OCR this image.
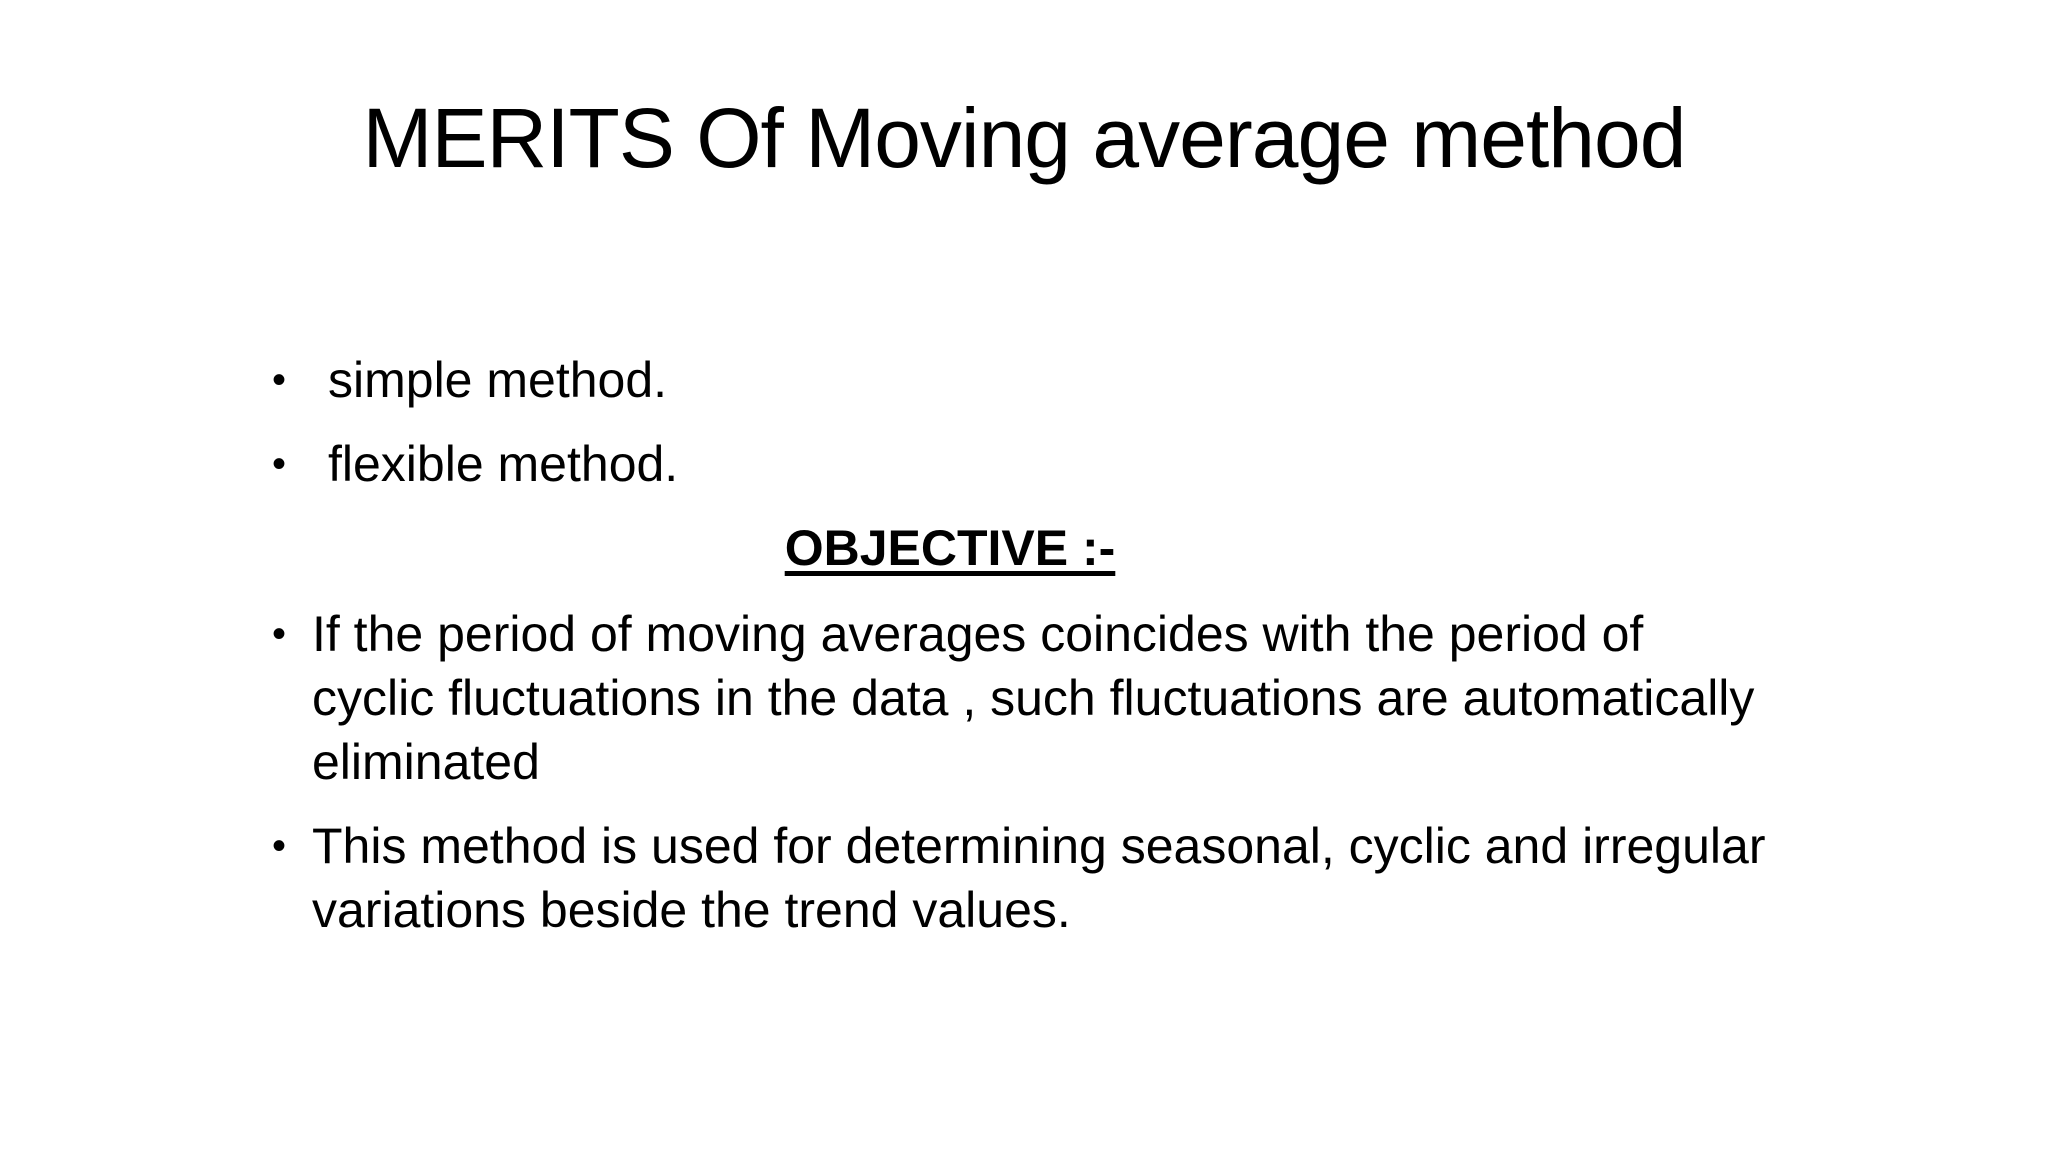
MERITS Of Moving average method
• simple method.
• flexible method.
OBJECTIVE :-
• If the period of moving averages coincides with the period of cyclic fluctuations in the data , such fluctuations are automatically eliminated
• This method is used for determining seasonal, cyclic and irregular variations beside the trend values.
